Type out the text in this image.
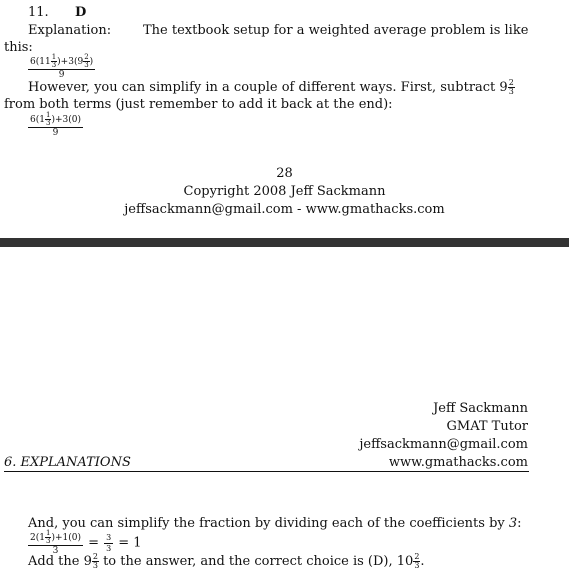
11. D
Explanation: The textbook setup for a weighted average problem is like
this:
$\frac{6(11 \frac{1}{3} )+3(9 \frac{2}{3} )}{9}$
However, you can simplify in a couple of different ways. First, subtract $9 \frac{2}{3}$
from both terms (just remember to add it back at the end):
$\frac{6(1 \frac{1}{3} )+3(0)}{9}$
28
Copyright 2008 Jeff Sackmann
jeffsackmann@gmail.com - www.gmathacks.com
Jeff Sackmann
GMAT Tutor
jeffsackmann@gmail.com
www.gmathacks.com
6. EXPLANATIONS
And, you can simplify the fraction by dividing each of the coefficients by 3:
$\frac{2(1 \frac{1}{3} )+1(0)}{3} = \frac{3}{3} = 1$
Add the $9 \frac{2}{3}$ to the answer, and the correct choice is (D), $10 \frac{2}{3}$ .
